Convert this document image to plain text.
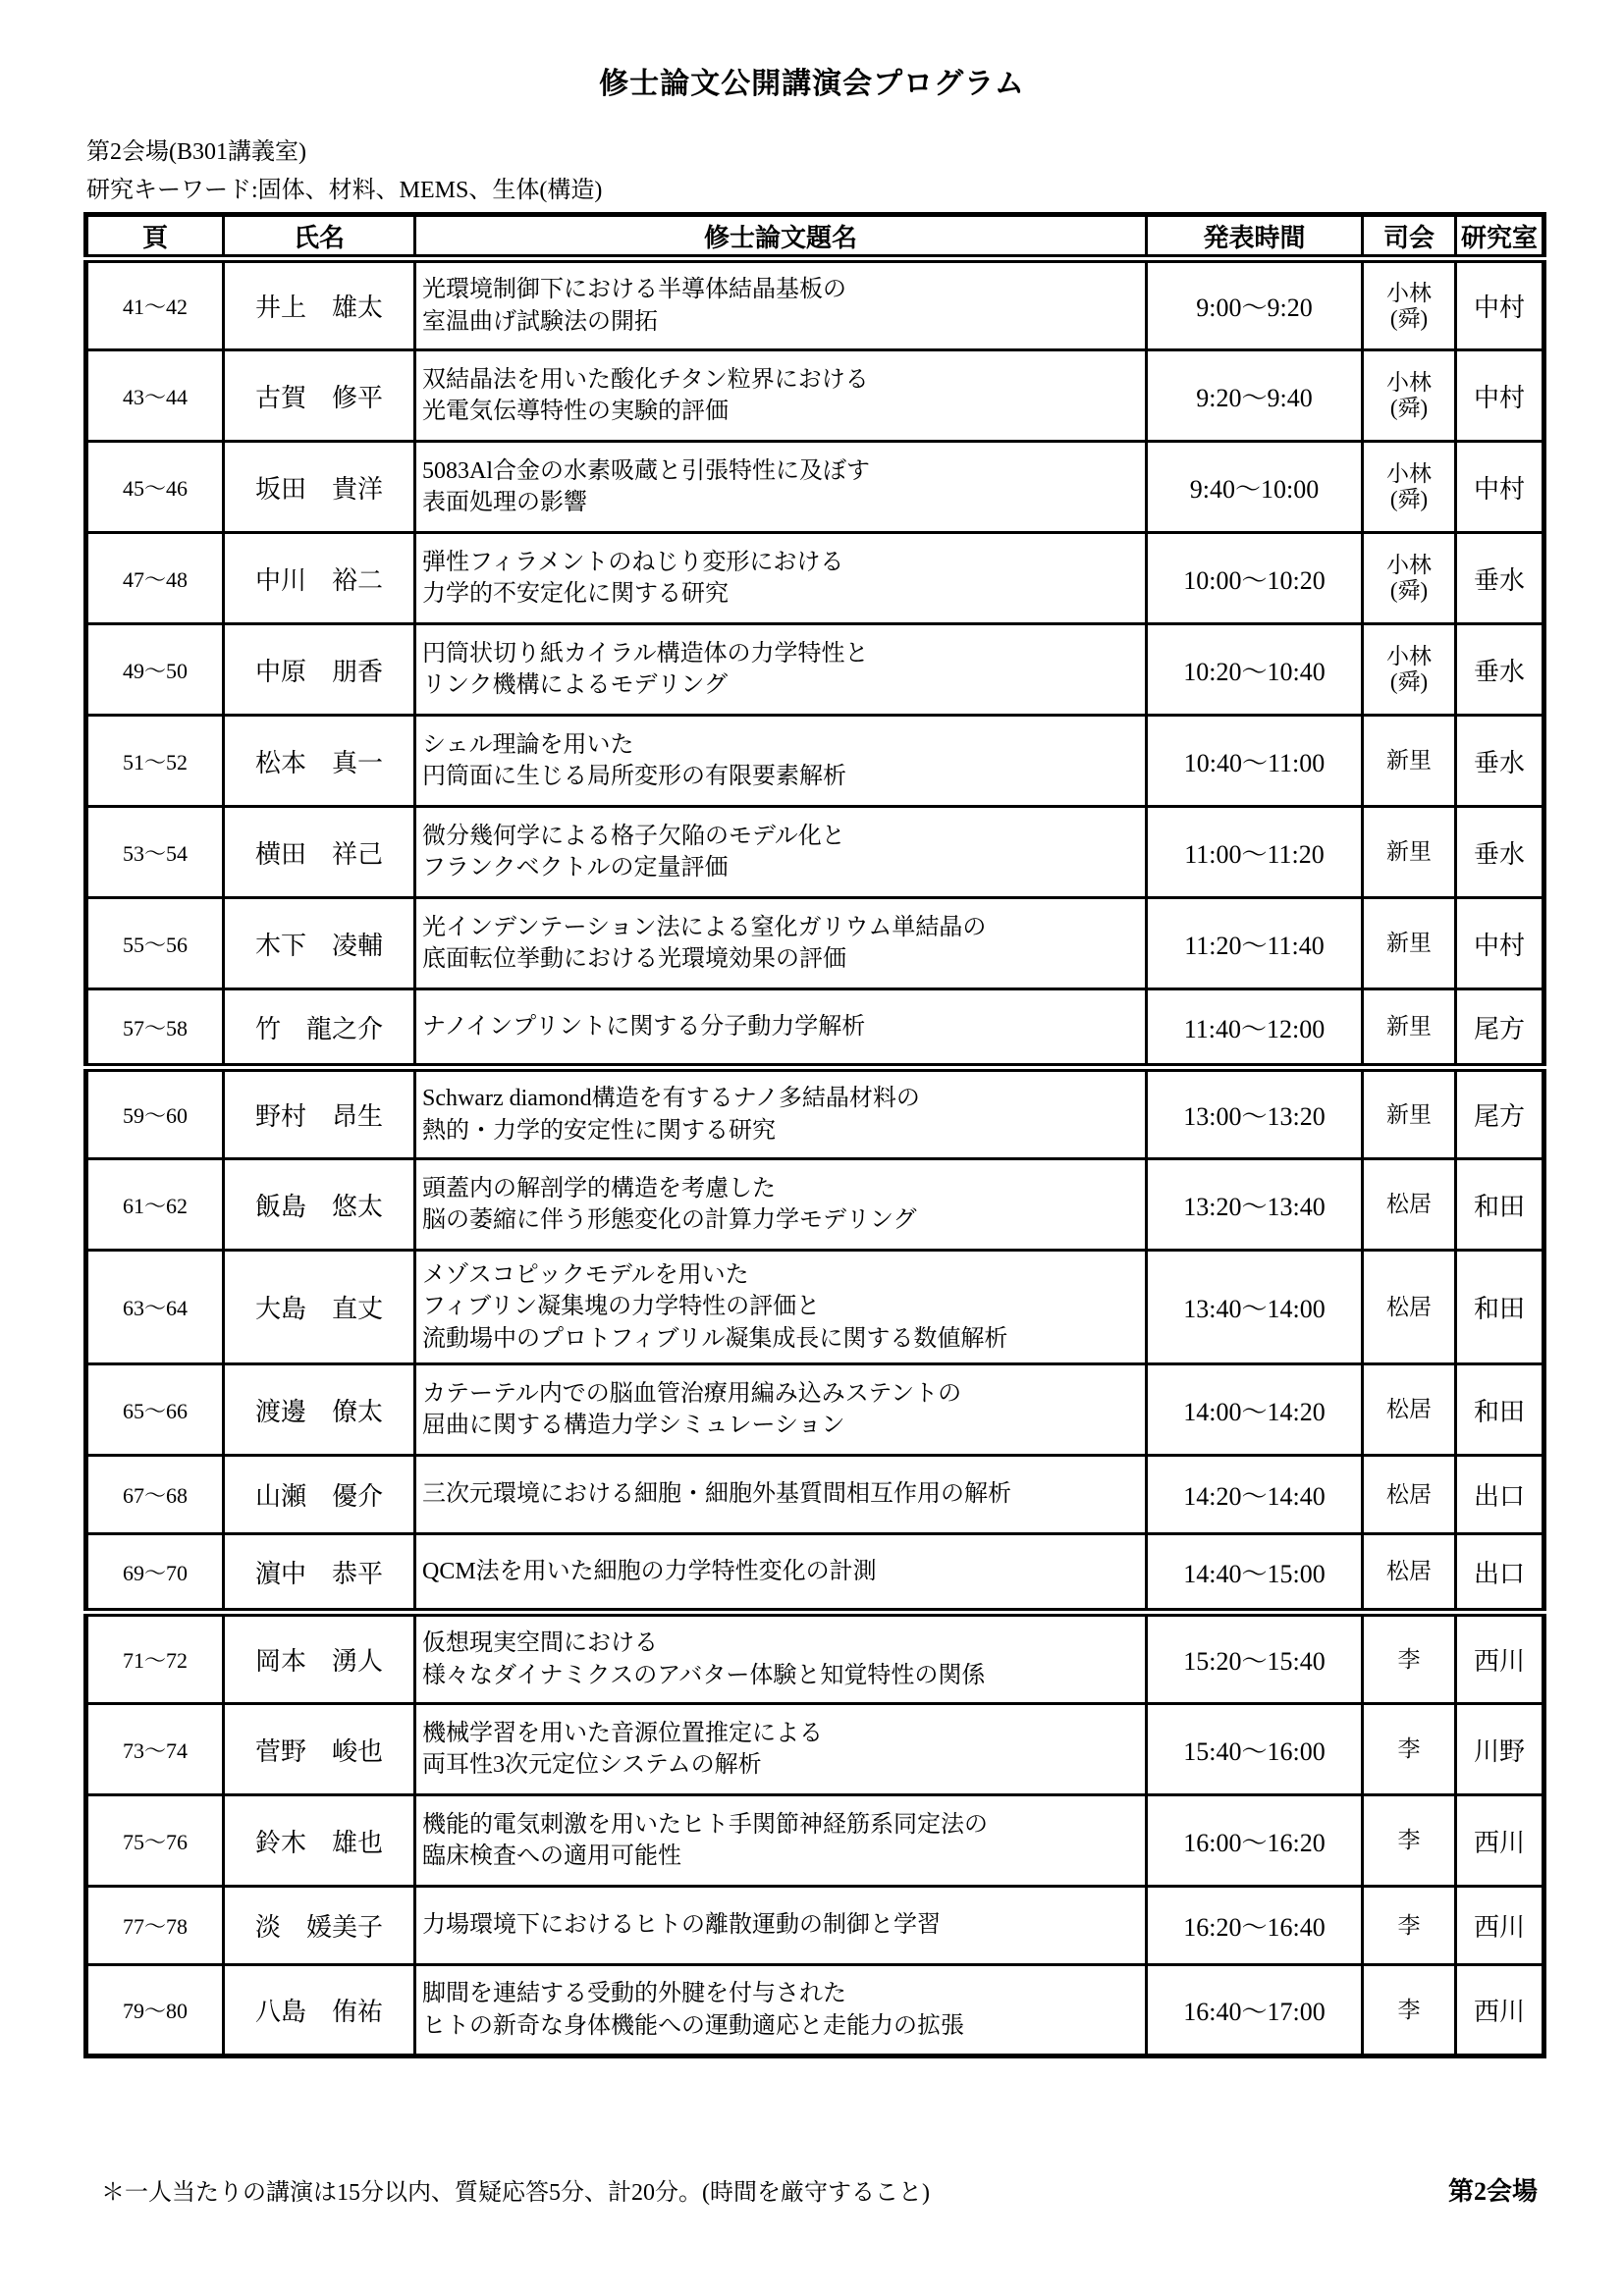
修士論文公開講演会プログラム
第2会場(B301講義室)
研究キーワード:固体、材料、MEMS、生体(構造)
頁	氏名	修士論文題名	発表時間	司会	研究室
41～42	井上　雄太	光環境制御下における半導体結晶基板の
室温曲げ試験法の開拓	9:00～9:20	小林
(舜)	中村
43～44	古賀　修平	双結晶法を用いた酸化チタン粒界における
光電気伝導特性の実験的評価	9:20～9:40	小林
(舜)	中村
45～46	坂田　貴洋	5083Al合金の水素吸蔵と引張特性に及ぼす
表面処理の影響	9:40～10:00	小林
(舜)	中村
47～48	中川　裕二	弾性フィラメントのねじり変形における
力学的不安定化に関する研究	10:00～10:20	小林
(舜)	垂水
49～50	中原　朋香	円筒状切り紙カイラル構造体の力学特性と
リンク機構によるモデリング	10:20～10:40	小林
(舜)	垂水
51～52	松本　真一	シェル理論を用いた
円筒面に生じる局所変形の有限要素解析	10:40～11:00	新里	垂水
53～54	横田　祥己	微分幾何学による格子欠陥のモデル化と
フランクベクトルの定量評価	11:00～11:20	新里	垂水
55～56	木下　凌輔	光インデンテーション法による窒化ガリウム単結晶の
底面転位挙動における光環境効果の評価	11:20～11:40	新里	中村
57～58	竹　龍之介	ナノインプリントに関する分子動力学解析	11:40～12:00	新里	尾方
59～60	野村　昂生	Schwarz diamond構造を有するナノ多結晶材料の
熱的・力学的安定性に関する研究	13:00～13:20	新里	尾方
61～62	飯島　悠太	頭蓋内の解剖学的構造を考慮した
脳の萎縮に伴う形態変化の計算力学モデリング	13:20～13:40	松居	和田
63～64	大島　直丈	メゾスコピックモデルを用いた
フィブリン凝集塊の力学特性の評価と
流動場中のプロトフィブリル凝集成長に関する数値解析	13:40～14:00	松居	和田
65～66	渡邊　僚太	カテーテル内での脳血管治療用編み込みステントの
屈曲に関する構造力学シミュレーション	14:00～14:20	松居	和田
67～68	山瀬　優介	三次元環境における細胞・細胞外基質間相互作用の解析	14:20～14:40	松居	出口
69～70	濵中　恭平	QCM法を用いた細胞の力学特性変化の計測	14:40～15:00	松居	出口
71～72	岡本　湧人	仮想現実空間における
様々なダイナミクスのアバター体験と知覚特性の関係	15:20～15:40	李	西川
73～74	菅野　峻也	機械学習を用いた音源位置推定による
両耳性3次元定位システムの解析	15:40～16:00	李	川野
75～76	鈴木　雄也	機能的電気刺激を用いたヒト手関節神経筋系同定法の
臨床検査への適用可能性	16:00～16:20	李	西川
77～78	淡　媛美子	力場環境下におけるヒトの離散運動の制御と学習	16:20～16:40	李	西川
79～80	八島　侑祐	脚間を連結する受動的外腱を付与された
ヒトの新奇な身体機能への運動適応と走能力の拡張	16:40～17:00	李	西川
＊一人当たりの講演は15分以内、質疑応答5分、計20分。(時間を厳守すること)	第2会場
